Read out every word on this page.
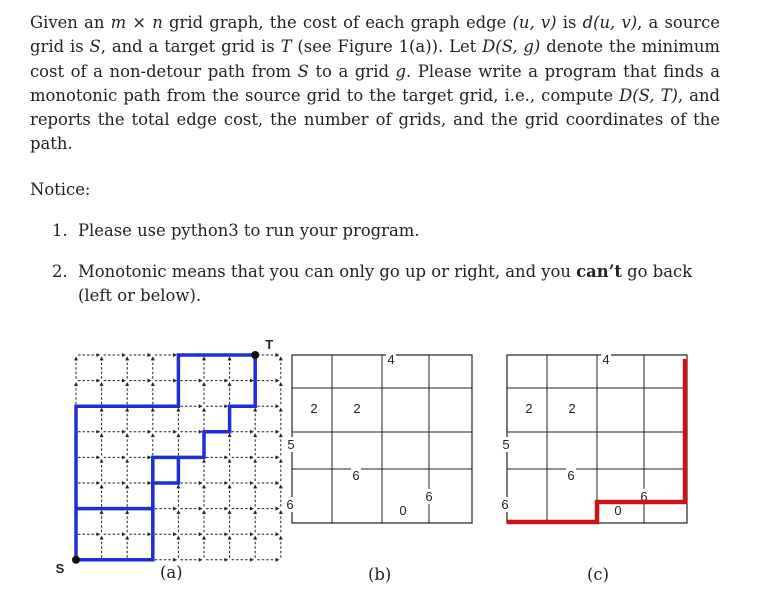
Given an m × n grid graph, the cost of each graph edge (u, v) is d(u, v), a source grid is S, and a target grid is T (see Figure 1(a)). Let D(S, g) denote the minimum cost of a non-detour path from S to a grid g. Please write a program that finds a monotonic path from the source grid to the target grid, i.e., compute D(S, T), and reports the total edge cost, the number of grids, and the grid coordinates of the path.

Notice:

1. Please use python3 to run your program.

2. Monotonic means that you can only go up or right, and you can’t go back (left or below).

S
T
2	2
4
5
6
6	0
6
2	2
4
5
6
6	0
6
(a)	(b)	(c)
